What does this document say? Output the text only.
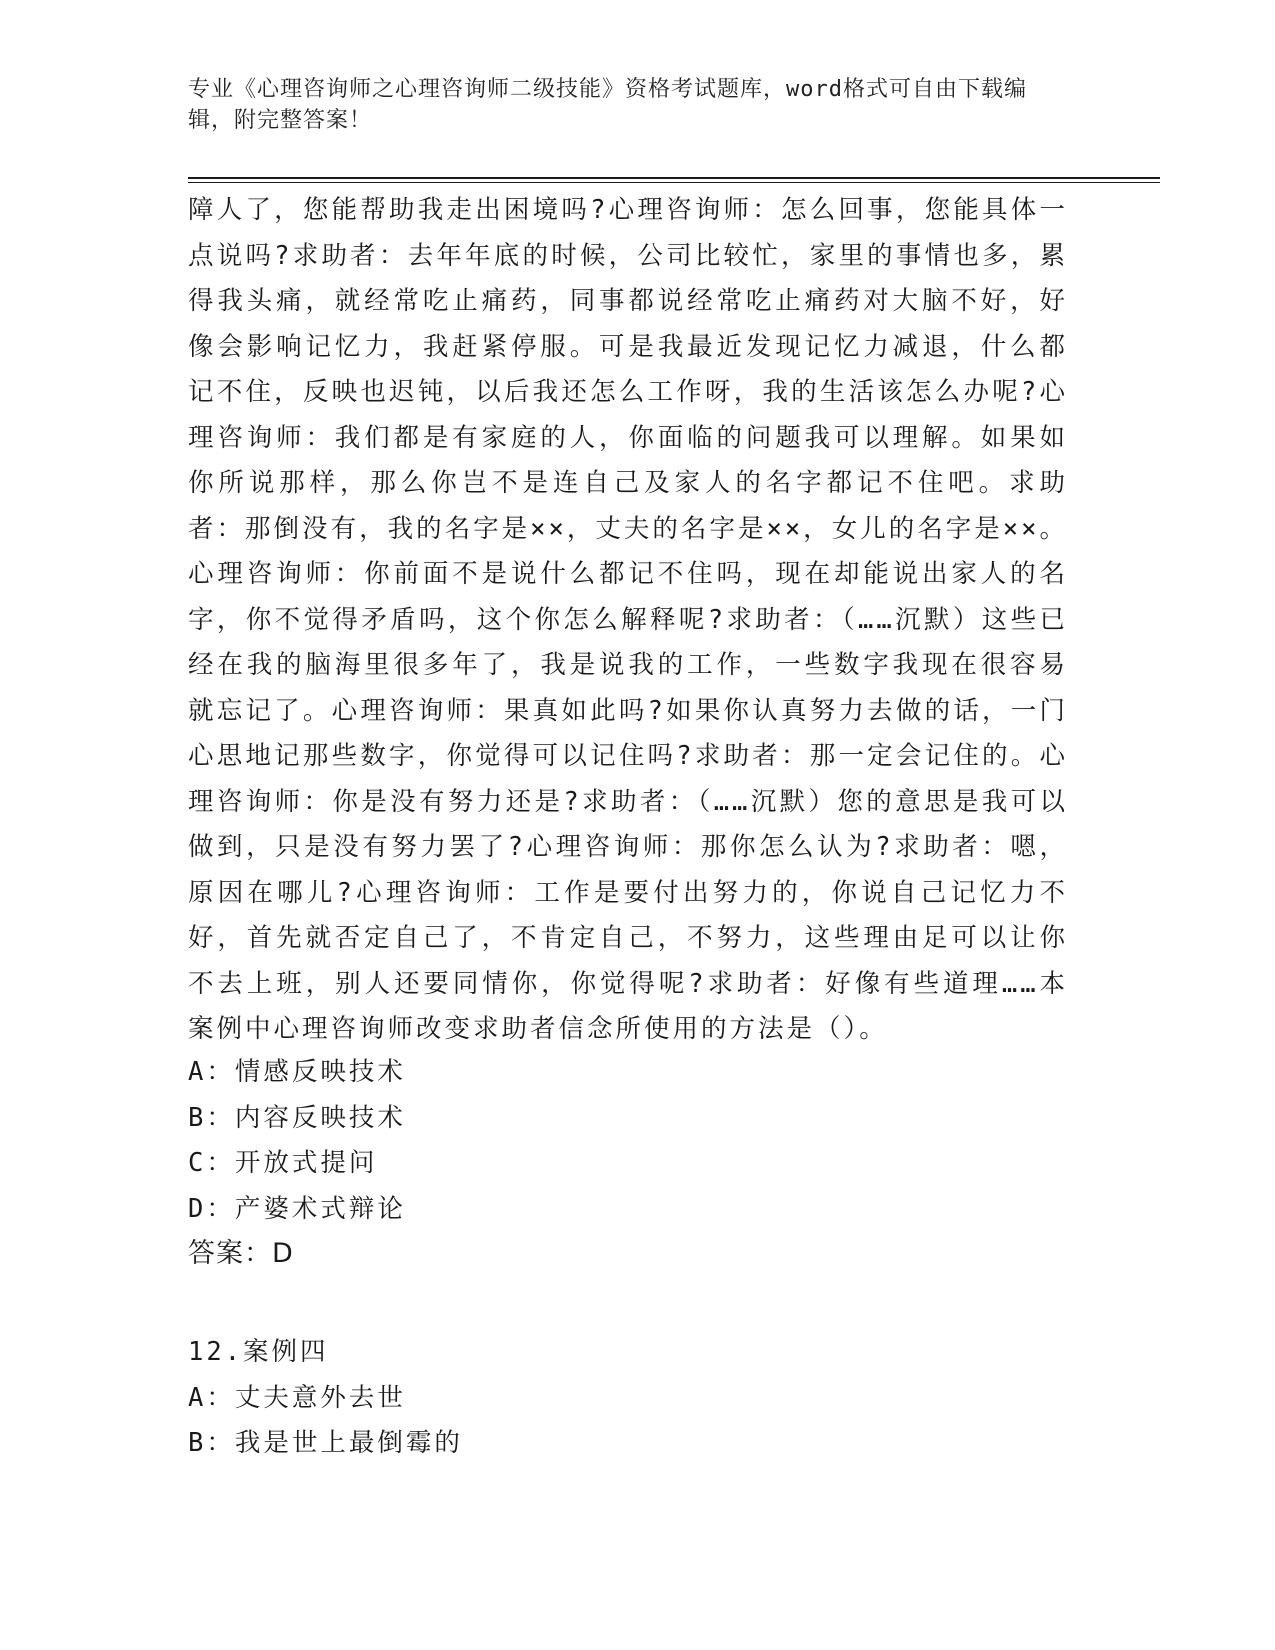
专业《心理咨询师之心理咨询师二级技能》资格考试题库，word格式可自由下载编辑，附完整答案！
障人了，您能帮助我走出困境吗?心理咨询师：怎么回事，您能具体一点说吗?求助者：去年年底的时候，公司比较忙，家里的事情也多，累得我头痛，就经常吃止痛药，同事都说经常吃止痛药对大脑不好，好像会影响记忆力，我赶紧停服。可是我最近发现记忆力减退，什么都记不住，反映也迟钝，以后我还怎么工作呀，我的生活该怎么办呢?心理咨询师：我们都是有家庭的人，你面临的问题我可以理解。如果如你所说那样，那么你岂不是连自己及家人的名字都记不住吧。求助者：那倒没有，我的名字是××，丈夫的名字是××，女儿的名字是××。心理咨询师：你前面不是说什么都记不住吗，现在却能说出家人的名字，你不觉得矛盾吗，这个你怎么解释呢?求助者：（……沉默）这些已经在我的脑海里很多年了，我是说我的工作，一些数字我现在很容易就忘记了。心理咨询师：果真如此吗?如果你认真努力去做的话，一门心思地记那些数字，你觉得可以记住吗?求助者：那一定会记住的。心理咨询师：你是没有努力还是?求助者：（……沉默）您的意思是我可以做到，只是没有努力罢了?心理咨询师：那你怎么认为?求助者：嗯，原因在哪儿?心理咨询师：工作是要付出努力的，你说自己记忆力不好，首先就否定自己了，不肯定自己，不努力，这些理由足可以让你不去上班，别人还要同情你，你觉得呢?求助者：好像有些道理……本案例中心理咨询师改变求助者信念所使用的方法是（）。
A：情感反映技术
B：内容反映技术
C：开放式提问
D：产婆术式辩论
答案：D
12.案例四
A：丈夫意外去世
B：我是世上最倒霉的
